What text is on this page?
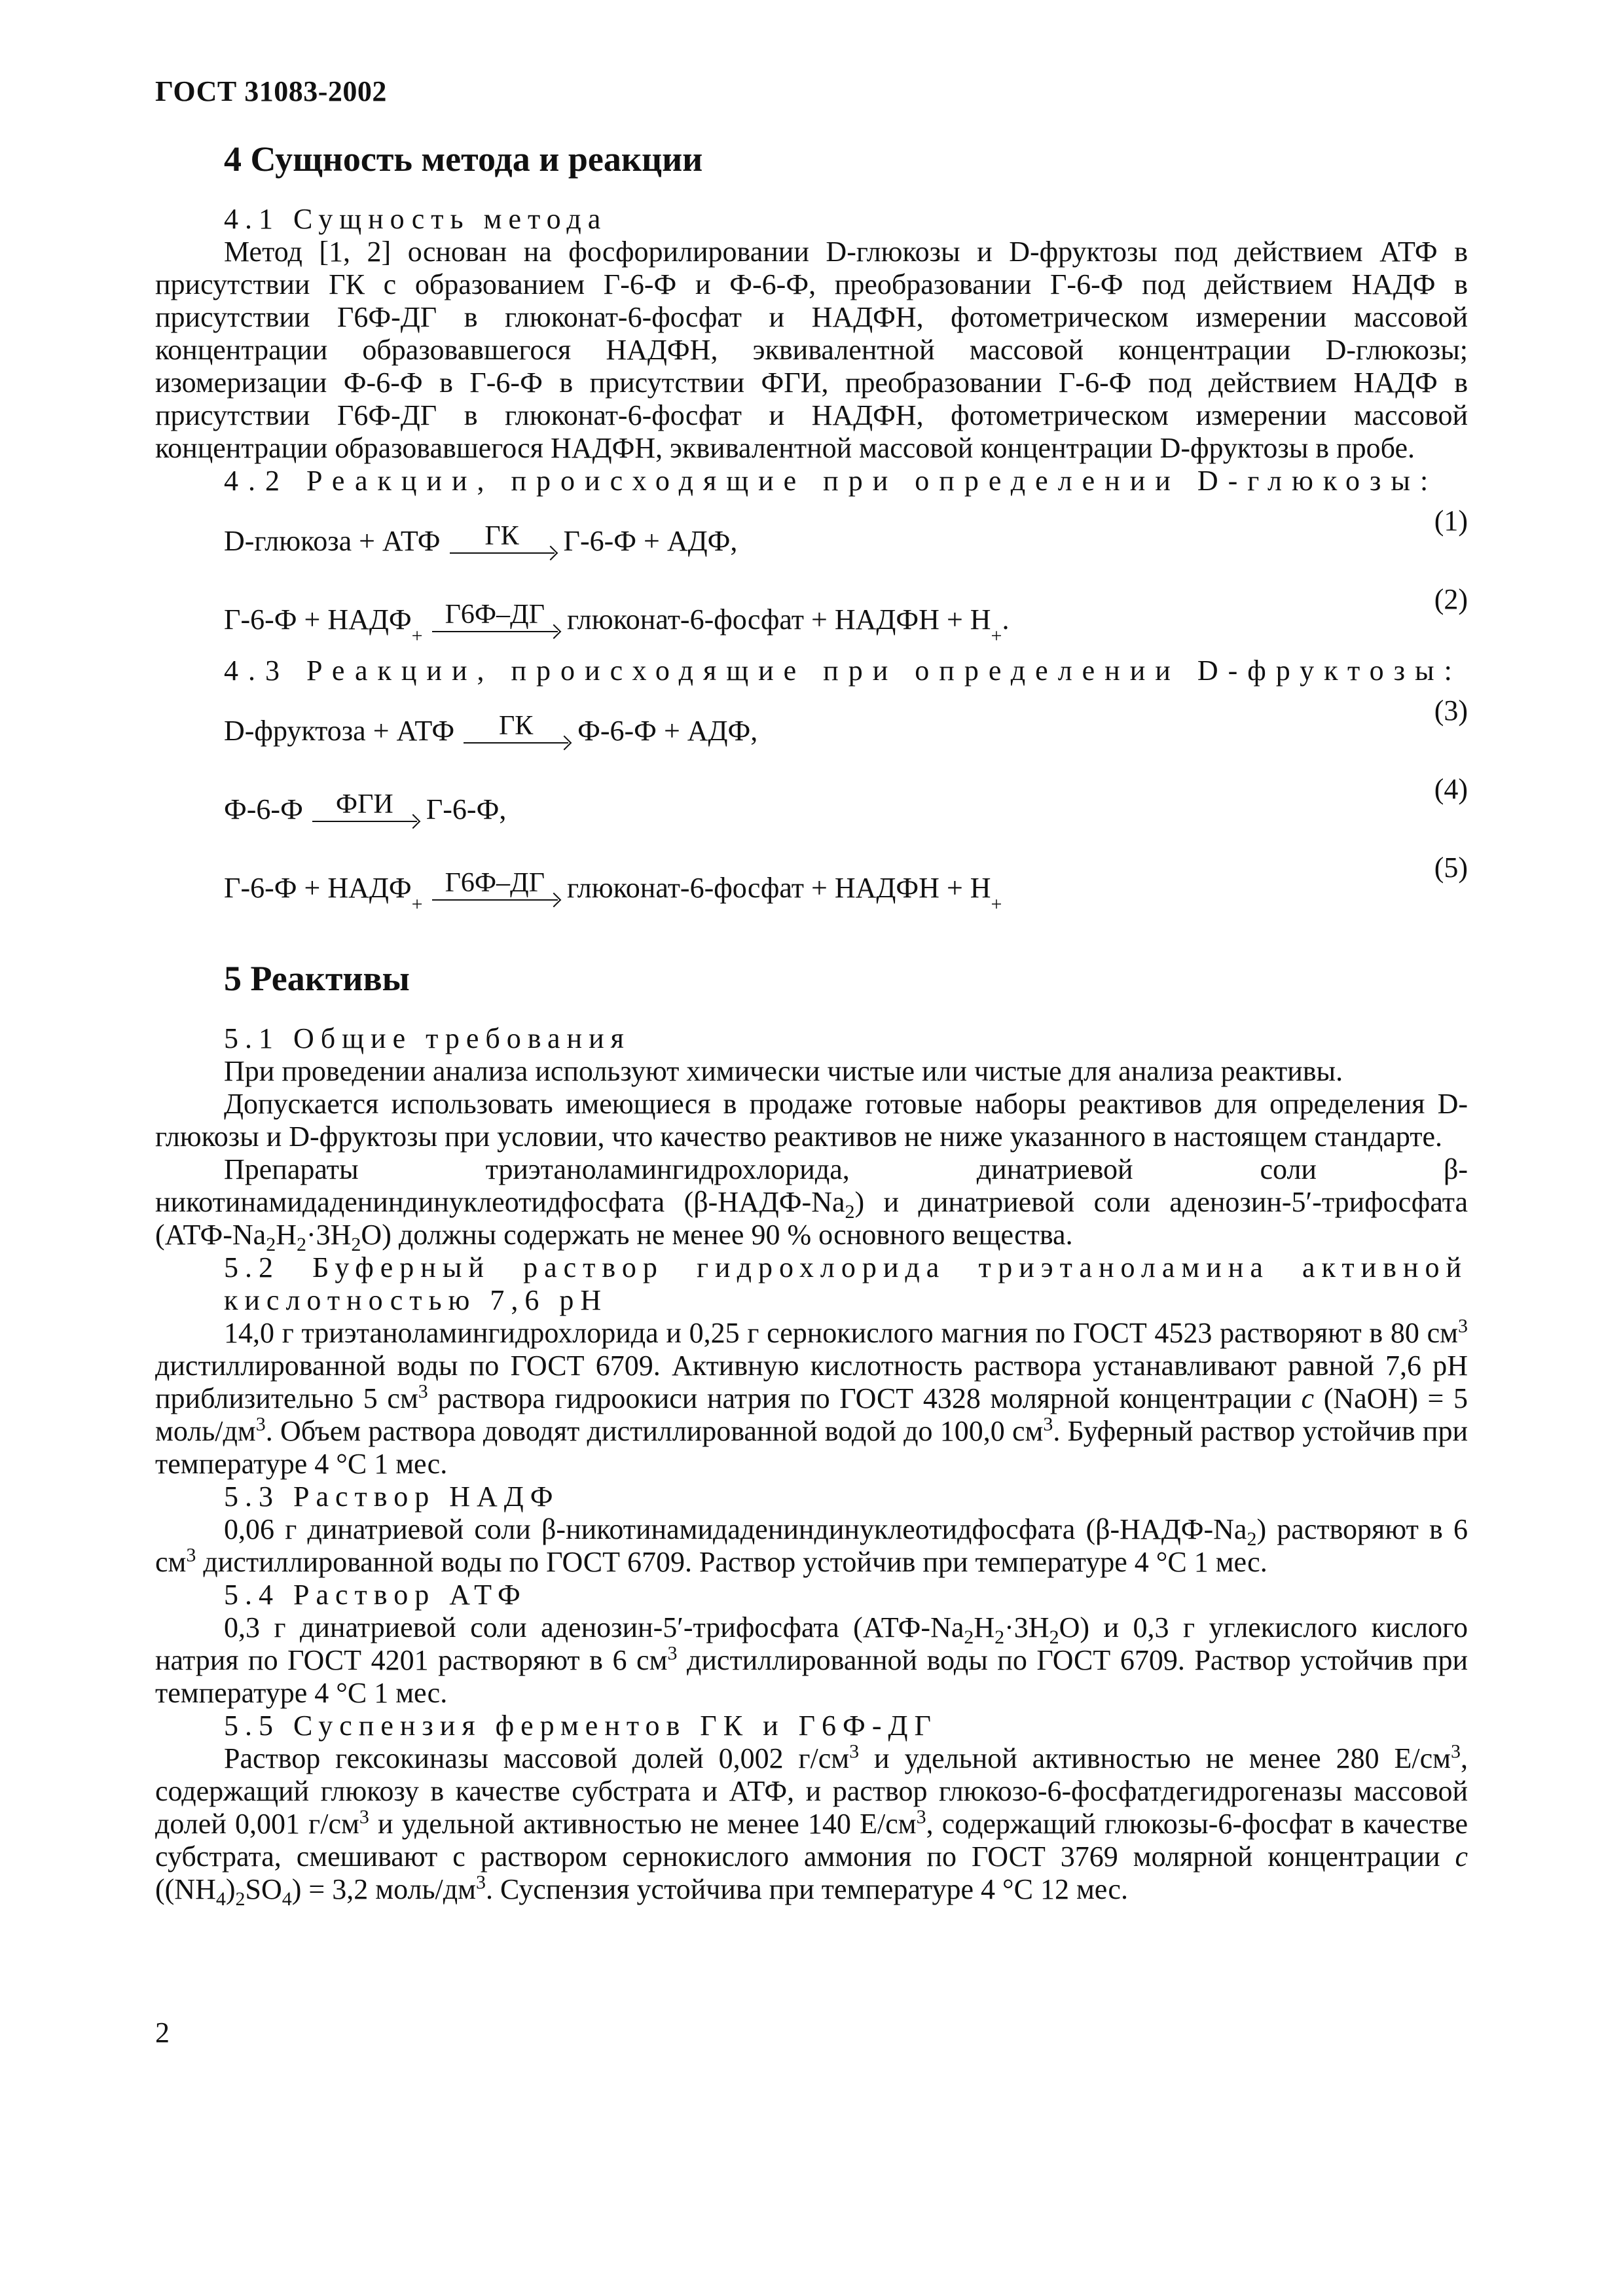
ГОСТ 31083-2002
4 Сущность метода и реакции

4.1 Сущность метода

Метод [1, 2] основан на фосфорилировании D-глюкозы и D-фруктозы под действием АТФ в присутствии ГК с образованием Г-6-Ф и Ф-6-Ф, преобразовании Г-6-Ф под действием НАДФ в присутствии Г6Ф-ДГ в глюконат-6-фосфат и НАДФН, фотометрическом измерении массовой концентрации образовавшегося НАДФН, эквивалентной массовой концентрации D-глюкозы; изомеризации Ф-6-Ф в Г-6-Ф в присутствии ФГИ, преобразовании Г-6-Ф под действием НАДФ в присутствии Г6Ф-ДГ в глюконат-6-фосфат и НАДФН, фотометрическом измерении массовой концентрации образовавшегося НАДФН, эквивалентной массовой концентрации D-фруктозы в пробе.

4.2 Реакции, происходящие при определении D-глюкозы:

D-глюкоза + АТФ	ГК	Г-6-Ф + АДФ,
(1)
Г-6-Ф + НАДФ
+
Г6Ф–ДГ глюконат-6-фосфат + НАДФН + Н
+
.
(2)

4.3 Реакции, происходящие при определении D-фруктозы:

D-фруктоза + АТФ	ГК	Ф-6-Ф + АДФ,
(3)
Ф-6-Ф	ФГИ	Г-6-Ф,
(4)
Г-6-Ф + НАДФ
+
Г6Ф–ДГ глюконат-6-фосфат + НАДФН + Н
+
(5)
5 Реактивы

5.1 Общие требования

При проведении анализа используют химически чистые или чистые для анализа реактивы.

Допускается использовать имеющиеся в продаже готовые наборы реактивов для определения D-глюкозы и D-фруктозы при условии, что качество реактивов не ниже указанного в настоящем стандарте.

Препараты триэтаноламингидрохлорида, динатриевой соли β-никотинамидадениндинуклеотидфосфата $(\beta-НАДФ-Na_2)$ и динатриевой соли аденозин-5′-трифосфата $(АТФ-Na_2H_2\cdot 3H_2O)$ должны содержать не менее 90 % основного вещества.

5.2 Буферный раствор гидрохлорида триэтаноламина активной кислотностью 7,6 рН

14,0 г триэтаноламингидрохлорида и 0,25 г сернокислого магния по ГОСТ 4523 растворяют в 80 $см^3$ дистиллированной воды по ГОСТ 6709. Активную кислотность раствора устанавливают равной 7,6 рН приблизительно 5 $см^3$ раствора гидроокиси натрия по ГОСТ 4328 молярной концентрации с (NaOH) = 5 моль/$дм^3$. Объем раствора доводят дистиллированной водой до 100,0 $см^3$. Буферный раствор устойчив при температуре 4 °С 1 мес.

5.3 Раствор НАДФ

0,06 г динатриевой соли β-никотинамидадениндинуклеотидфосфата $(\beta-НАДФ-Na_2)$ растворяют в 6 $см^3$ дистиллированной воды по ГОСТ 6709. Раствор устойчив при температуре 4 °С 1 мес.

5.4 Раствор АТФ

0,3 г динатриевой соли аденозин-5′-трифосфата $(АТФ-Na_2H_2\cdot 3H_2O)$ и 0,3 г углекислого кислого натрия по ГОСТ 4201 растворяют в 6 $см^3$ дистиллированной воды по ГОСТ 6709. Раствор устойчив при температуре 4 °С 1 мес.

5.5 Суспензия ферментов ГК и Г6Ф-ДГ

Раствор гексокиназы массовой долей 0,002 $г/см^3$ и удельной активностью не менее 280 $Е/см^3$, содержащий глюкозу в качестве субстрата и АТФ, и раствор глюкозо-6-фосфатдегидрогеназы массовой долей 0,001 $г/см^3$ и удельной активностью не менее 140 $Е/см^3$, содержащий глюкозы-6-фосфат в качестве субстрата, смешивают с раствором сернокислого аммония по ГОСТ 3769 молярной концентрации с $((NH_4)_2SO_4) = 3,2$ моль/$дм^3$. Суспензия устойчива при температуре 4 °С 12 мес.

2
